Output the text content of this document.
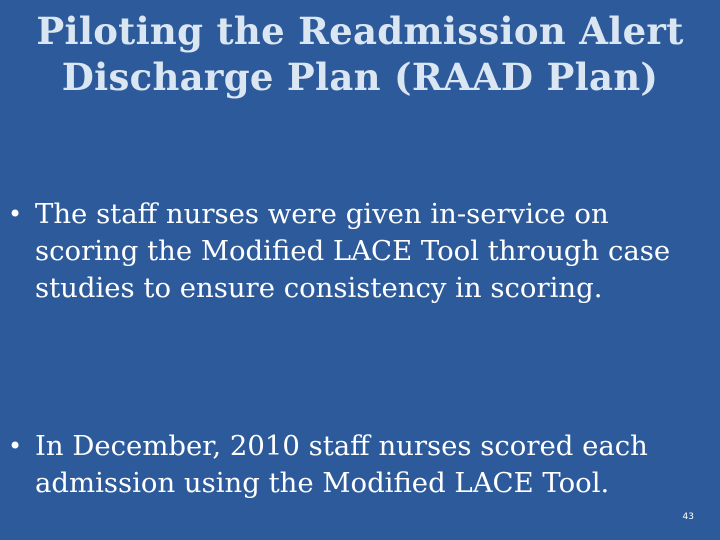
Piloting the Readmission Alert
Discharge Plan (RAAD Plan)
• The staff nurses were given in-service on scoring the Modified LACE Tool through case studies to ensure consistency in scoring.
• In December, 2010 staff nurses scored each admission using the Modified LACE Tool.
43
